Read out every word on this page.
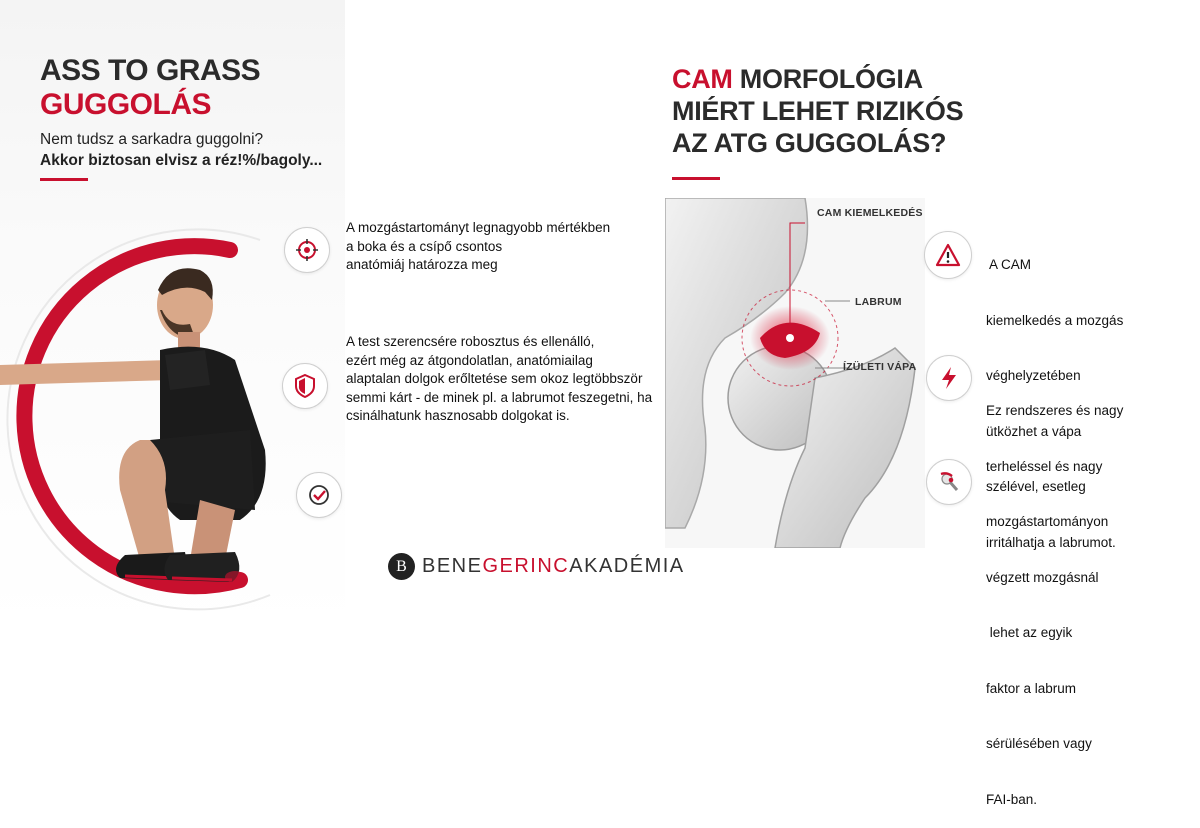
ASS TO GRASS
GUGGOLÁS
Nem tudsz a sarkadra guggolni?
Akkor biztosan elvisz a réz!%/bagoly...
A mozgástartományt legnagyobb mértékben
a boka és a csípő csontos
anatómiáj határozza meg
A test szerencsére robosztus és ellenálló,
ezért még az átgondolatlan, anatómiailag
alaptalan dolgok erőltetése sem okoz legtöbbször
semmi kárt - de minek pl. a labrumot feszegetni, ha
csinálhatunk hasznosabb dolgokat is.
B BENEGERINCAKADÉMIA
CAM MORFOLÓGIA
MIÉRT LEHET RIZIKÓS
AZ ATG GUGGOLÁS?
CAM KIEMELKEDÉS
LABRUM
ÍZÜLETI VÁPA

A CAM

kiemelkedés a mozgás

véghelyzetében

ütközhet a vápa

szélével, esetleg

irritálhatja a labrumot.

Ez rendszeres és nagy

terheléssel és nagy

mozgástartományon

végzett mozgásnál

lehet az egyik

faktor a labrum

sérülésében vagy

FAI-ban.
